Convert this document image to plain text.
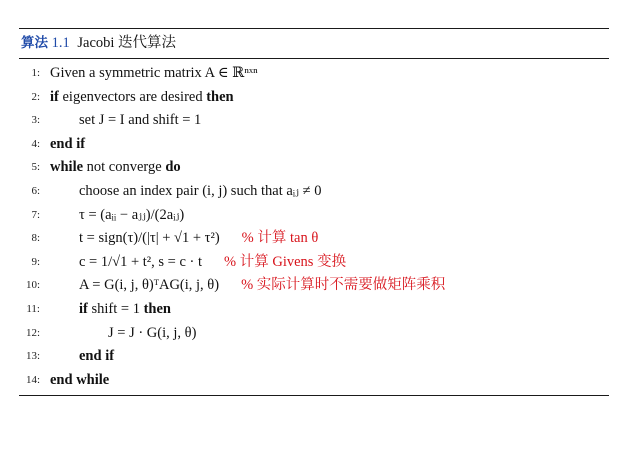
算法 1.1 Jacobi 迭代算法
1: Given a symmetric matrix A ∈ ℝⁿˣⁿ
2: if eigenvectors are desired then
3:	set J = I and shift = 1
4: end if
5: while not converge do
6:	choose an index pair (i, j) such that aᵢⱼ ≠ 0
7:	τ = (aᵢᵢ − aⱼⱼ)/(2aᵢⱼ)
8:	t = sign(τ)/(|τ| + √1 + τ²) % 计算 tan θ
9:	c = 1/√1 + t², s = c · t % 计算 Givens 变换
10:	A = G(i, j, θ)ᵀAG(i, j, θ) % 实际计算时不需要做矩阵乘积
11:	if shift = 1 then
12:	J = J · G(i, j, θ)
13:	end if
14: end while
